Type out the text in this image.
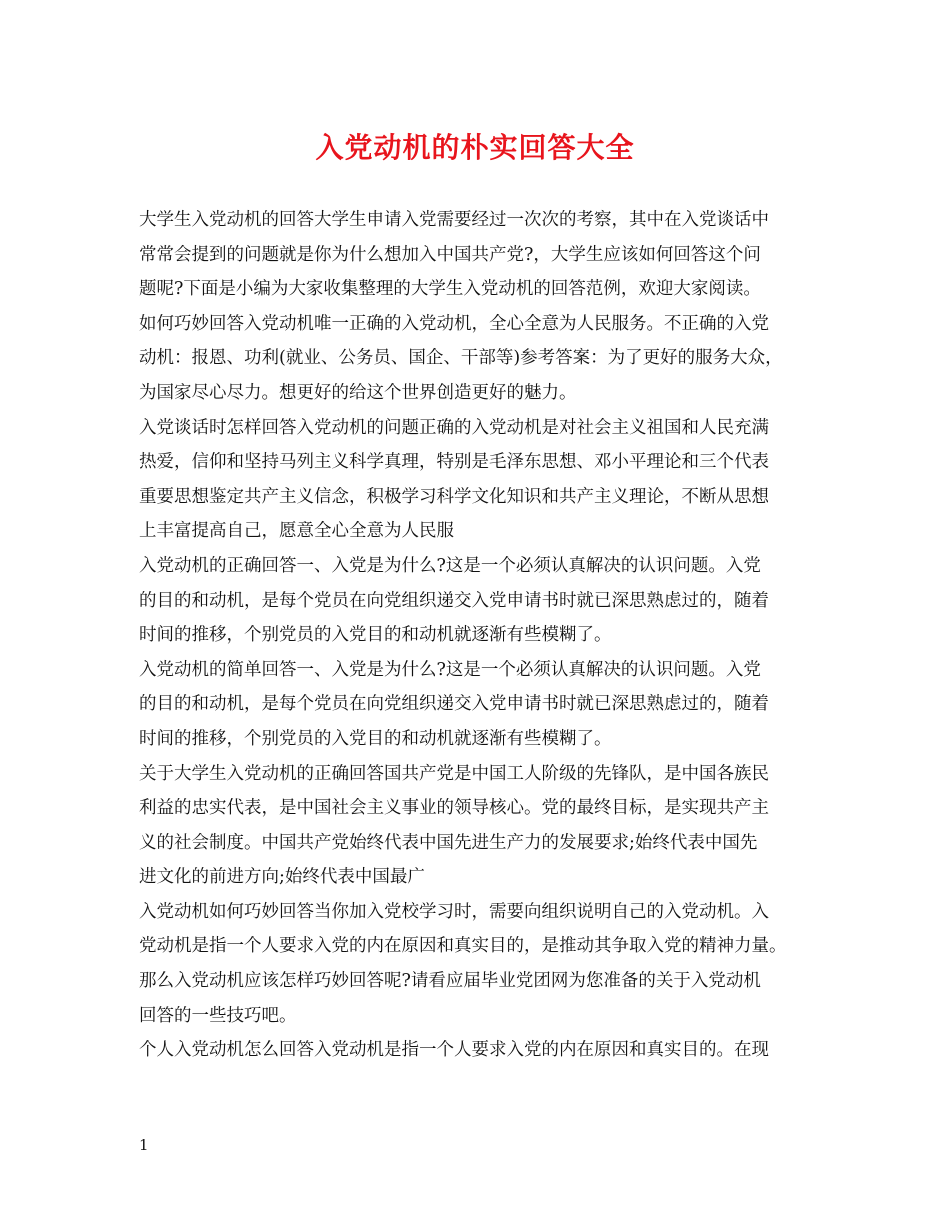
入党动机的朴实回答大全

大学生入党动机的回答大学生申请入党需要经过一次次的考察，其中在入党谈话中

常常会提到的问题就是你为什么想加入中国共产党?，大学生应该如何回答这个问

题呢?下面是小编为大家收集整理的大学生入党动机的回答范例，欢迎大家阅读。

如何巧妙回答入党动机唯一正确的入党动机，全心全意为人民服务。不正确的入党

动机：报恩、功利(就业、公务员、国企、干部等)参考答案：为了更好的服务大众，

为国家尽心尽力。想更好的给这个世界创造更好的魅力。

入党谈话时怎样回答入党动机的问题正确的入党动机是对社会主义祖国和人民充满

热爱，信仰和坚持马列主义科学真理，特别是毛泽东思想、邓小平理论和三个代表

重要思想鉴定共产主义信念，积极学习科学文化知识和共产主义理论，不断从思想

上丰富提高自己，愿意全心全意为人民服

入党动机的正确回答一、入党是为什么?这是一个必须认真解决的认识问题。入党

的目的和动机，是每个党员在向党组织递交入党申请书时就已深思熟虑过的，随着

时间的推移，个别党员的入党目的和动机就逐渐有些模糊了。

入党动机的简单回答一、入党是为什么?这是一个必须认真解决的认识问题。入党

的目的和动机，是每个党员在向党组织递交入党申请书时就已深思熟虑过的，随着

时间的推移，个别党员的入党目的和动机就逐渐有些模糊了。

关于大学生入党动机的正确回答国共产党是中国工人阶级的先锋队，是中国各族民

利益的忠实代表，是中国社会主义事业的领导核心。党的最终目标，是实现共产主

义的社会制度。中国共产党始终代表中国先进生产力的发展要求;始终代表中国先

进文化的前进方向;始终代表中国最广

入党动机如何巧妙回答当你加入党校学习时，需要向组织说明自己的入党动机。入

党动机是指一个人要求入党的内在原因和真实目的，是推动其争取入党的精神力量。

那么入党动机应该怎样巧妙回答呢?请看应届毕业党团网为您准备的关于入党动机

回答的一些技巧吧。

个人入党动机怎么回答入党动机是指一个人要求入党的内在原因和真实目的。在现

1
